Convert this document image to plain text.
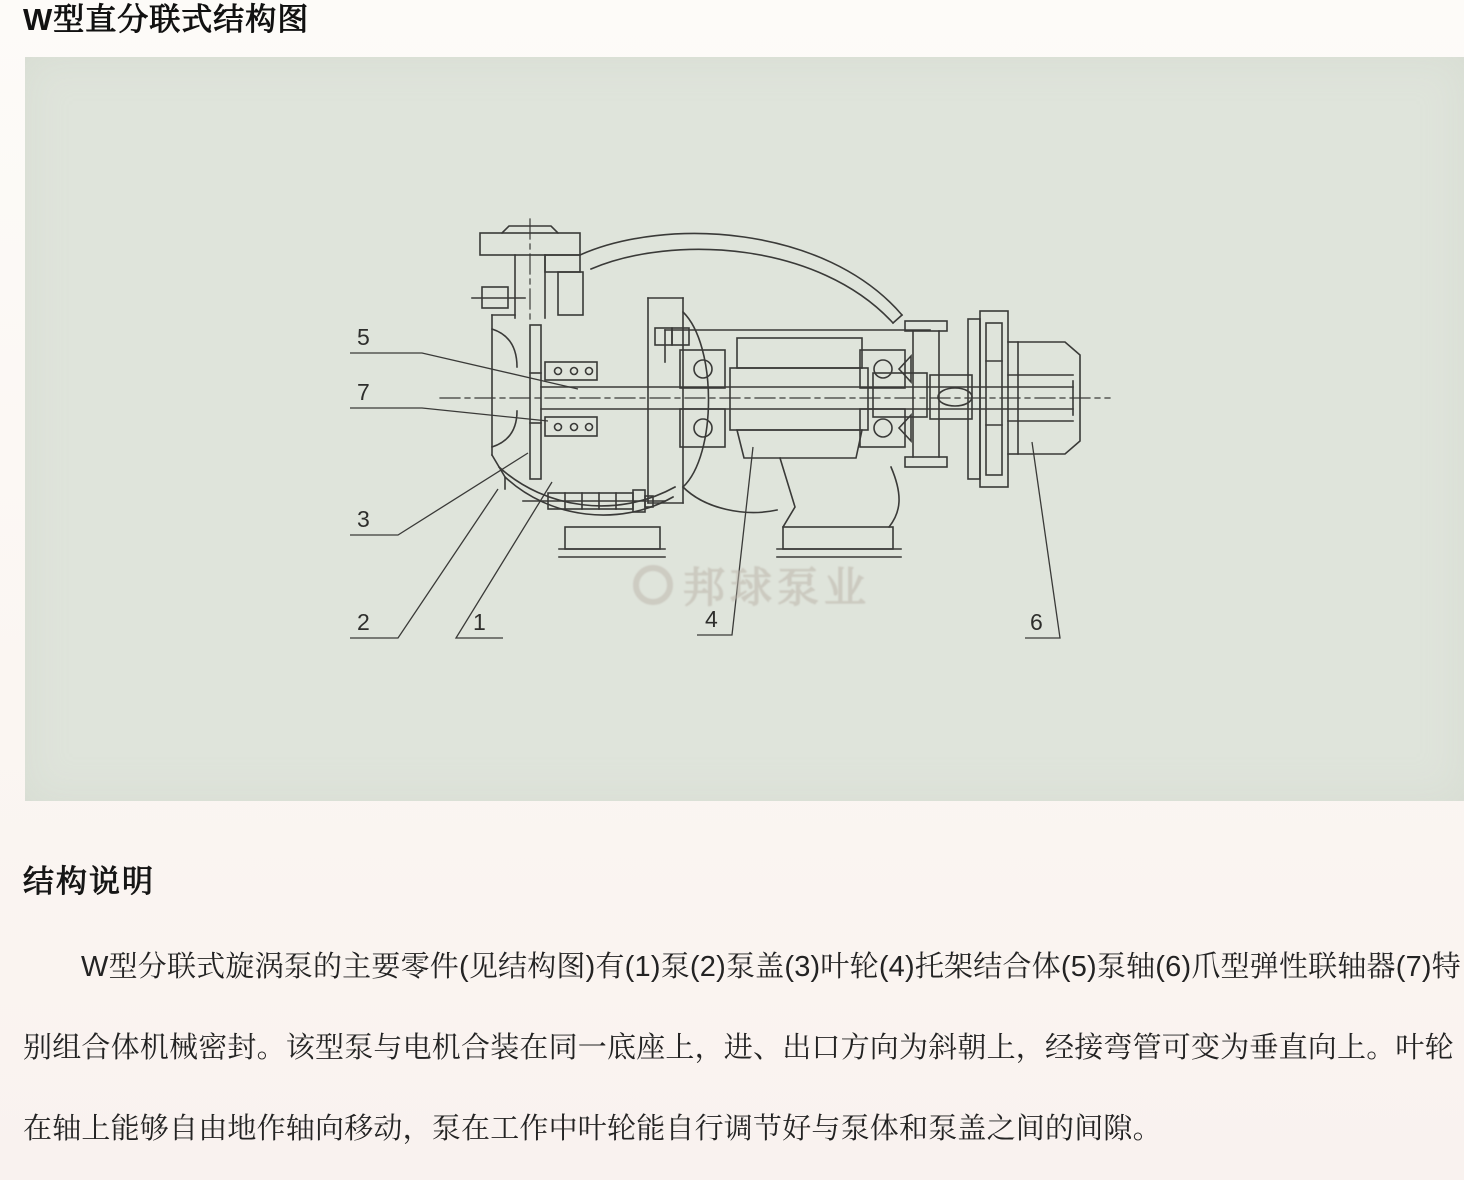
W型直分联式结构图
5
7
3
2	1	4	6
邦球泵业
结构说明
W型分联式旋涡泵的主要零件(见结构图)有(1)泵(2)泵盖(3)叶轮(4)托架结合体(5)泵轴(6)爪型弹性联轴器(7)特
别组合体机械密封。该型泵与电机合装在同一底座上，进、出口方向为斜朝上，经接弯管可变为垂直向上。叶轮
在轴上能够自由地作轴向移动，泵在工作中叶轮能自行调节好与泵体和泵盖之间的间隙。
